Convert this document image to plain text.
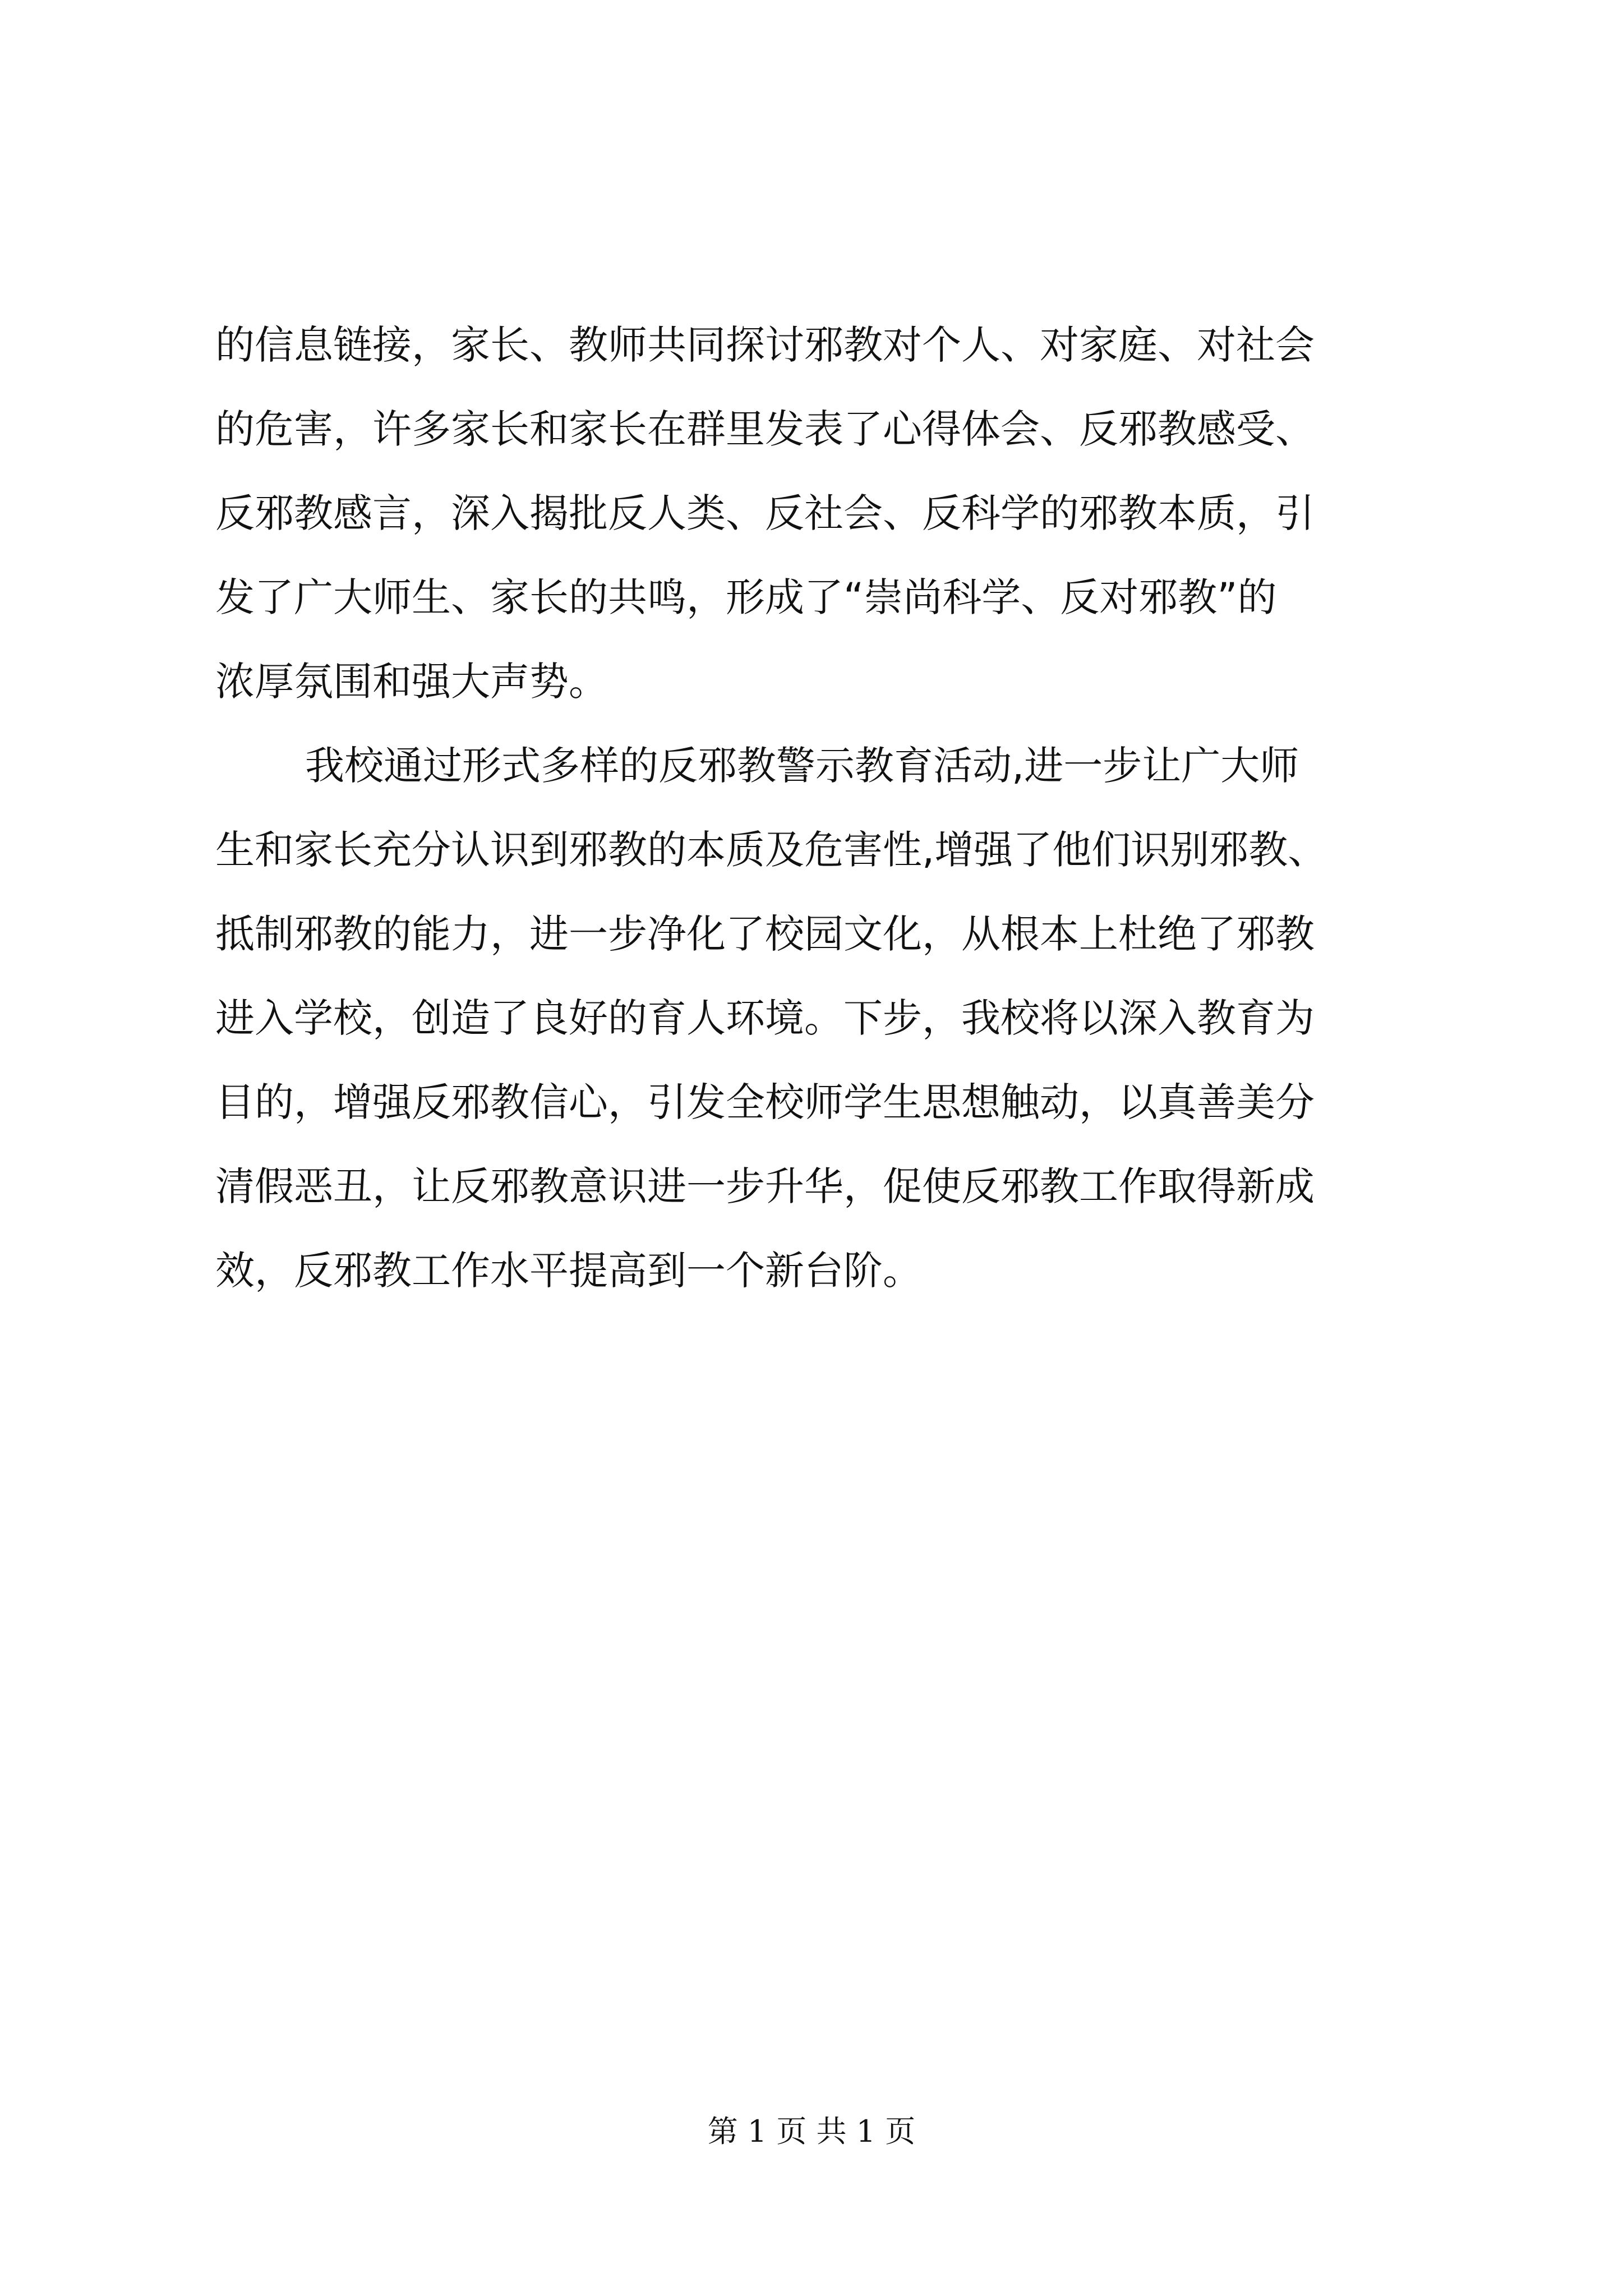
的信息链接，家长、教师共同探讨邪教对个人、对家庭、对社会
的危害，许多家长和家长在群里发表了心得体会、反邪教感受、
反邪教感言，深入揭批反人类、反社会、反科学的邪教本质，引
发了广大师生、家长的共鸣，形成了“崇尚科学、反对邪教”的
浓厚氛围和强大声势。
我校通过形式多样的反邪教警示教育活动,进一步让广大师
生和家长充分认识到邪教的本质及危害性,增强了他们识别邪教、
抵制邪教的能力，进一步净化了校园文化，从根本上杜绝了邪教
进入学校，创造了良好的育人环境。下步，我校将以深入教育为
目的，增强反邪教信心，引发全校师学生思想触动，以真善美分
清假恶丑，让反邪教意识进一步升华，促使反邪教工作取得新成
效，反邪教工作水平提高到一个新台阶。
第 1 页 共 1 页
